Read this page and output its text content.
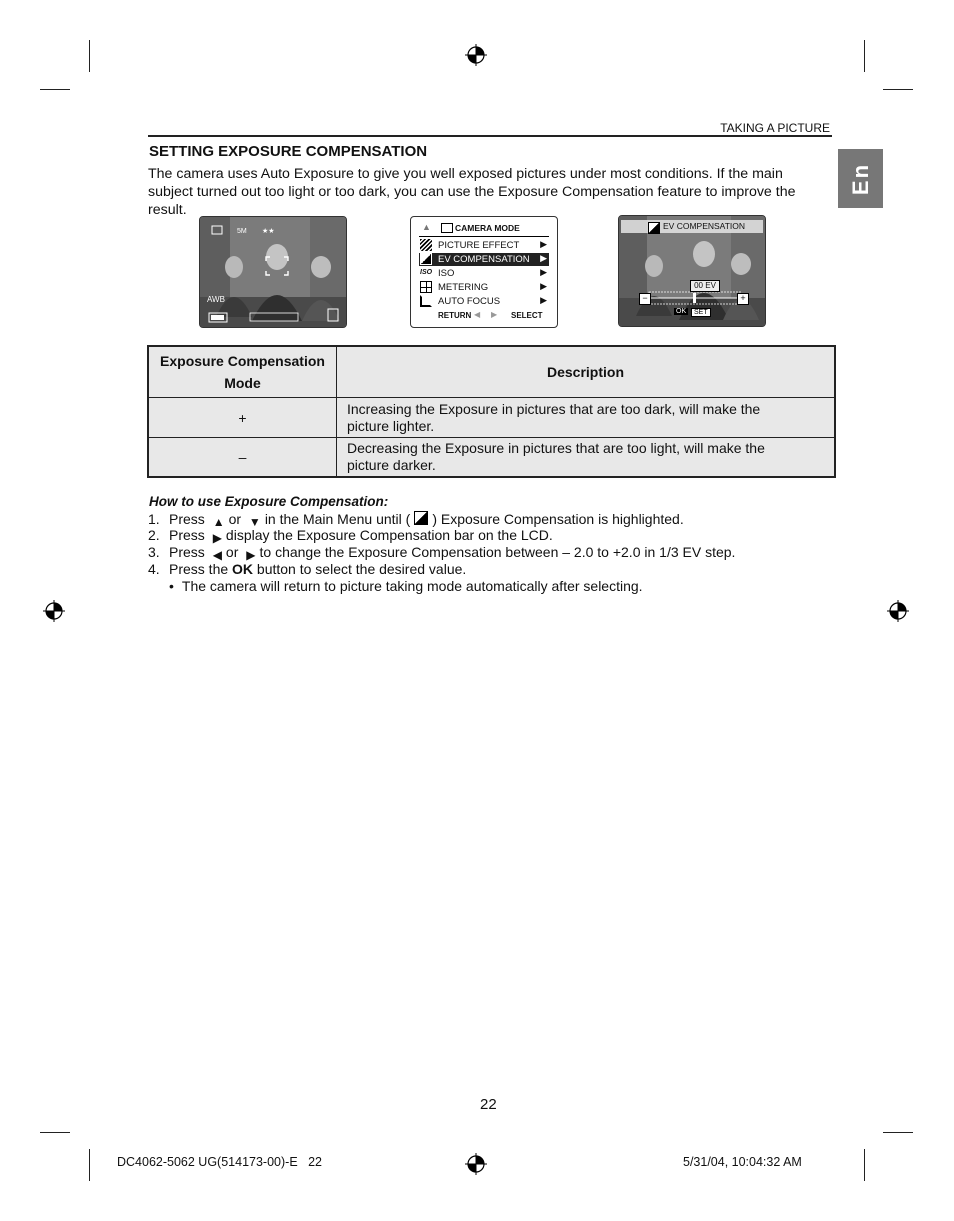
TAKING A PICTURE
En
SETTING EXPOSURE COMPENSATION
The camera uses Auto Exposure to give you well exposed pictures under most conditions. If the main subject turned out too light or too dark, you can use the Exposure Compensation feature to improve the result.
5M ★★
AWB
▲	CAMERA MODE
PICTURE EFFECT ▶
EV COMPENSATION ▶
ISO ISO	▶
METERING	▶
AUTO FOCUS	▶
RETURN ◀ ▶ SELECT
EV COMPENSATION
00 EV
−	+
OK	SET
Exposure Compensation Mode	Description
+	Increasing the Exposure in pictures that are too dark, will make the
picture lighter.
–	Decreasing the Exposure in pictures that are too light, will make the
picture darker.
How to use Exposure Compensation:
1. Press ▲ or ▼ in the Main Menu until ( ) Exposure Compensation is highlighted.
2. Press ▶ display the Exposure Compensation bar on the LCD.
3. Press ◀ or ▶ to change the Exposure Compensation between – 2.0 to +2.0 in 1/3 EV step.
4. Press the OK button to select the desired value.
• The camera will return to picture taking mode automatically after selecting.
22
DC4062-5062 UG(514173-00)-E   22	5/31/04, 10:04:32 AM
